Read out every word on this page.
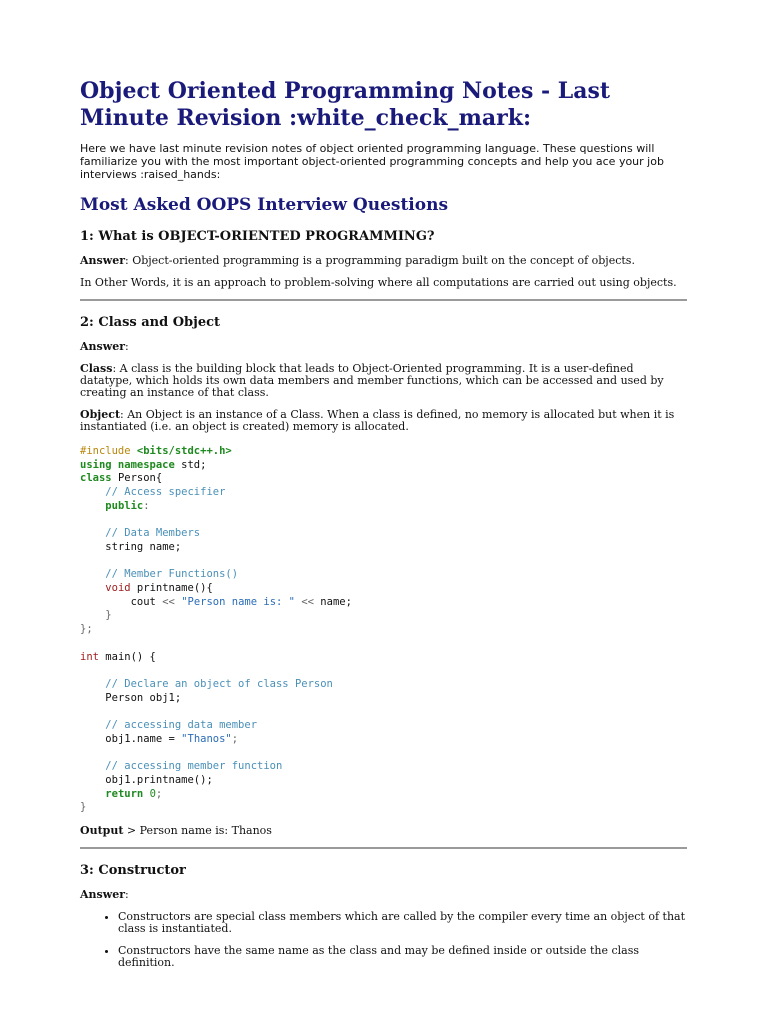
Object Oriented Programming Notes - Last Minute Revision :white_check_mark:

Here we have last minute revision notes of object oriented programming language. These questions will familiarize you with the most important object-oriented programming concepts and help you ace your job interviews :raised_hands:

Most Asked OOPS Interview Questions
1: What is OBJECT-ORIENTED PROGRAMMING?

Answer: Object-oriented programming is a programming paradigm built on the concept of objects.

In Other Words, it is an approach to problem-solving where all computations are carried out using objects.

2: Class and Object

Answer:

Class: A class is the building block that leads to Object-Oriented programming. It is a user-defined datatype, which holds its own data members and member functions, which can be accessed and used by creating an instance of that class.

Object: An Object is an instance of a Class. When a class is defined, no memory is allocated but when it is instantiated (i.e. an object is created) memory is allocated.

#include <bits/stdc++.h>
using namespace std;
class Person{
// Access specifier
public:

// Data Members
string name;

// Member Functions()
void printname(){
cout << "Person name is: " << name;
}
};

int main() {

// Declare an object of class Person
Person obj1;

// accessing data member
obj1.name = "Thanos";

// accessing member function
obj1.printname();
return 0;
}

Output > Person name is: Thanos

3: Constructor

Answer:

• Constructors are special class members which are called by the compiler every time an object of that class is instantiated.
• Constructors have the same name as the class and may be defined inside or outside the class definition.
